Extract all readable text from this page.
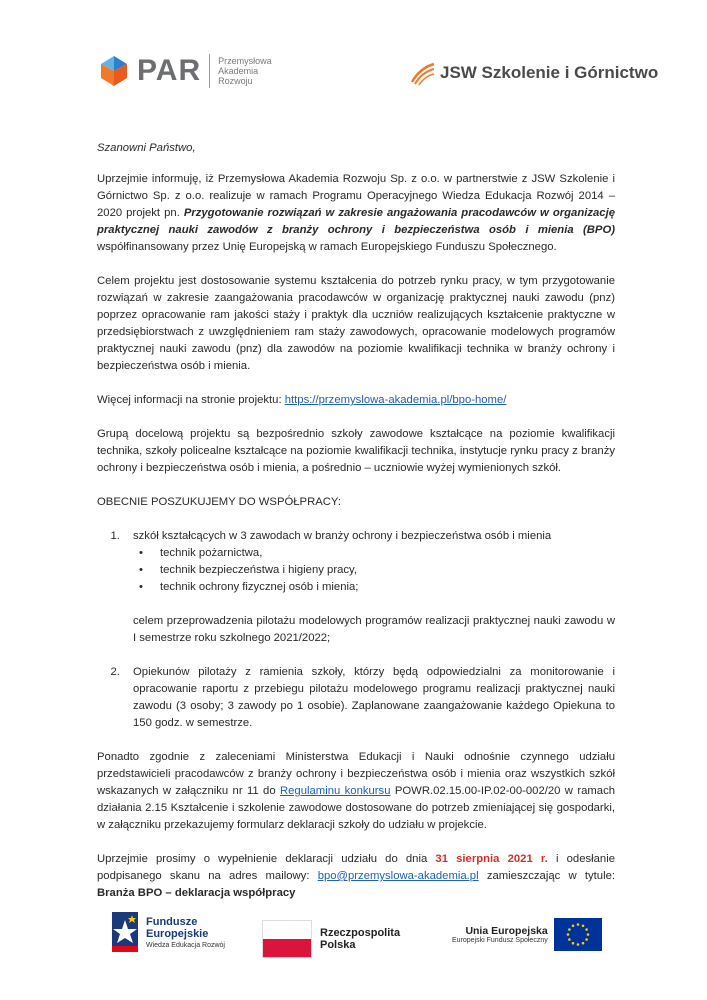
PAR Przemysłowa
Akademia
Rozwoju	JSW Szkolenie i Górnictwo

Szanowni Państwo,

Uprzejmie informuję, iż Przemysłowa Akademia Rozwoju Sp. z o.o. w partnerstwie z JSW Szkolenie i Górnictwo Sp. z o.o. realizuje w ramach Programu Operacyjnego Wiedza Edukacja Rozwój 2014 – 2020 projekt pn. Przygotowanie rozwiązań w zakresie angażowania pracodawców w organizację praktycznej nauki zawodów z branży ochrony i bezpieczeństwa osób i mienia (BPO) współfinansowany przez Unię Europejską w ramach Europejskiego Funduszu Społecznego.

Celem projektu jest dostosowanie systemu kształcenia do potrzeb rynku pracy, w tym przygotowanie rozwiązań w zakresie zaangażowania pracodawców w organizację praktycznej nauki zawodu (pnz) poprzez opracowanie ram jakości staży i praktyk dla uczniów realizujących kształcenie praktyczne w przedsiębiorstwach z uwzględnieniem ram staży zawodowych, opracowanie modelowych programów praktycznej nauki zawodu (pnz) dla zawodów na poziomie kwalifikacji technika w branży ochrony i bezpieczeństwa osób i mienia.

Więcej informacji na stronie projektu: https://przemyslowa-akademia.pl/bpo-home/

Grupą docelową projektu są bezpośrednio szkoły zawodowe kształcące na poziomie kwalifikacji technika, szkoły policealne kształcące na poziomie kwalifikacji technika, instytucje rynku pracy z branży ochrony i bezpieczeństwa osób i mienia, a pośrednio – uczniowie wyżej wymienionych szkół.

OBECNIE POSZUKUJEMY DO WSPÓŁPRACY:

1. szkół kształcących w 3 zawodach w branży ochrony i bezpieczeństwa osób i mienia
• technik pożarnictwa,
• technik bezpieczeństwa i higieny pracy,
• technik ochrony fizycznej osób i mienia;
celem przeprowadzenia pilotażu modelowych programów realizacji praktycznej nauki zawodu w I semestrze roku szkolnego 2021/2022;
2. Opiekunów pilotaży z ramienia szkoły, którzy będą odpowiedzialni za monitorowanie i opracowanie raportu z przebiegu pilotażu modelowego programu realizacji praktycznej nauki zawodu (3 osoby; 3 zawody po 1 osobie). Zaplanowane zaangażowanie każdego Opiekuna to 150 godz. w semestrze.

Ponadto zgodnie z zaleceniami Ministerstwa Edukacji i Nauki odnośnie czynnego udziału przedstawicieli pracodawców z branży ochrony i bezpieczeństwa osób i mienia oraz wszystkich szkół wskazanych w załączniku nr 11 do Regulaminu konkursu POWR.02.15.00-IP.02-00-002/20 w ramach działania 2.15 Kształcenie i szkolenie zawodowe dostosowane do potrzeb zmieniającej się gospodarki, w załączniku przekazujemy formularz deklaracji szkoły do udziału w projekcie.

Uprzejmie prosimy o wypełnienie deklaracji udziału do dnia 31 sierpnia 2021 r. i odesłanie podpisanego skanu na adres mailowy: bpo@przemyslowa-akademia.pl zamieszczając w tytule: Branża BPO – deklaracja współpracy

Fundusze
Europejskie
Wiedza Edukacja Rozwój
Rzeczpospolita
Polska
Unia Europejska
Europejski Fundusz Społeczny
